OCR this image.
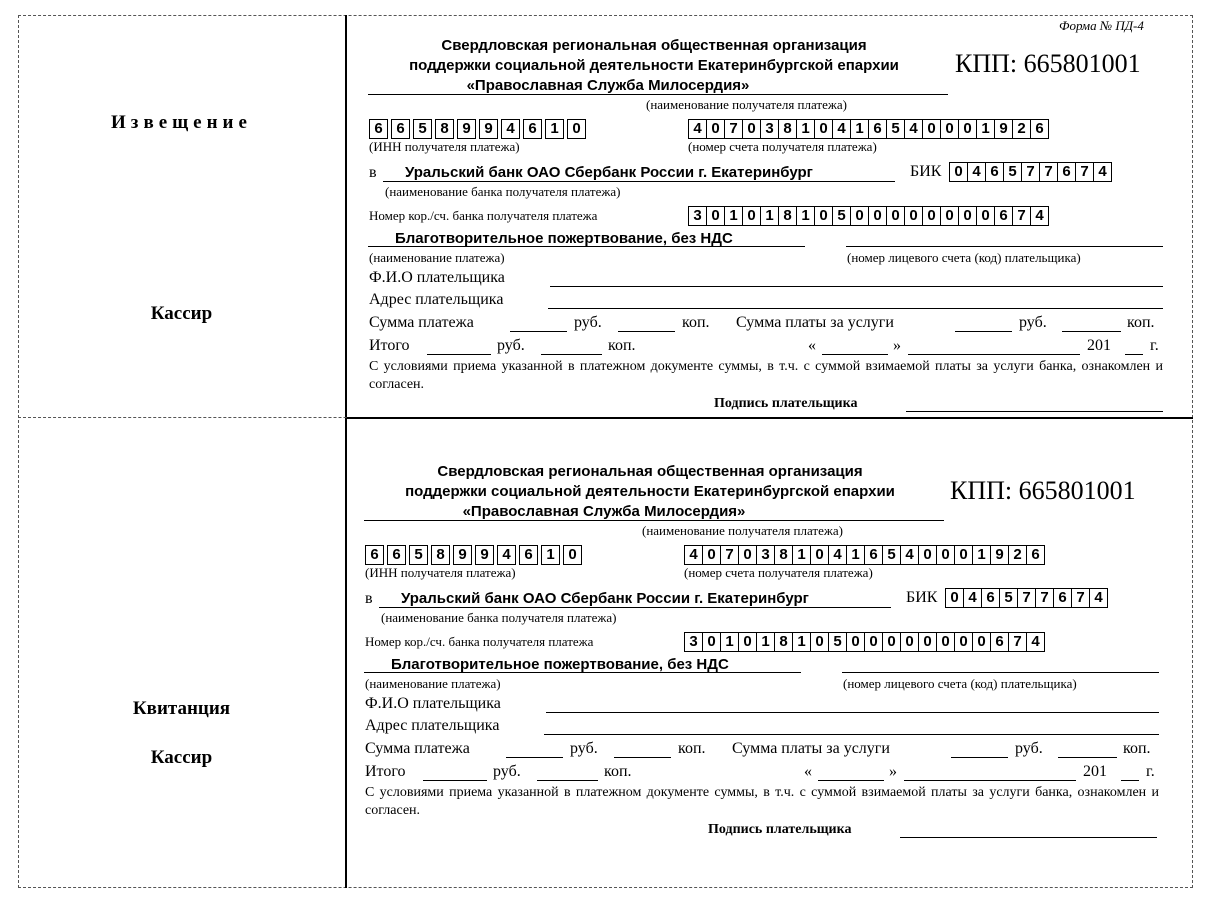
Извещение
Кассир
Квитанция
Кассир
Форма № ПД-4
Свердловская региональная общественная организация
поддержки социальной деятельности Екатеринбургской епархии
«Православная Служба Милосердия»
КПП: 665801001
(наименование получателя платежа)
6 6 5 8 9 9 4 6 1 0
(ИНН получателя платежа)
4 0 7 0 3 8 1 0 4 1 6 5 4 0 0 0 1 9 2 6
(номер счета получателя платежа)
в Уральский банк ОАО Сбербанк России г. Екатеринбург
(наименование банка получателя платежа)
БИК 0 4 6 5 7 7 6 7 4
Номер кор./сч. банка получателя платежа	3 0 1 0 1 8 1 0 5 0 0 0 0 0 0 0 0 6 7 4
Благотворительное пожертвование, без НДС
(наименование платежа)	(номер лицевого счета (код) плательщика)
Ф.И.О плательщика
Адрес плательщика
Сумма платежа	руб.	коп. Сумма платы за услуги	руб.	коп.
Итого	руб.	коп.	«	»	201 г.
С условиями приема указанной в платежном документе суммы, в т.ч. с суммой взимаемой платы за услуги банка, ознакомлен и согласен.
Подпись плательщика
Свердловская региональная общественная организация
поддержки социальной деятельности Екатеринбургской епархии
«Православная Служба Милосердия»
КПП: 665801001
(наименование получателя платежа)
6 6 5 8 9 9 4 6 1 0
(ИНН получателя платежа)
4 0 7 0 3 8 1 0 4 1 6 5 4 0 0 0 1 9 2 6
(номер счета получателя платежа)
в Уральский банк ОАО Сбербанк России г. Екатеринбург
(наименование банка получателя платежа)
БИК 0 4 6 5 7 7 6 7 4
Номер кор./сч. банка получателя платежа	3 0 1 0 1 8 1 0 5 0 0 0 0 0 0 0 0 6 7 4
Благотворительное пожертвование, без НДС
(наименование платежа)	(номер лицевого счета (код) плательщика)
Ф.И.О плательщика
Адрес плательщика
Сумма платежа	руб.	коп. Сумма платы за услуги	руб.	коп.
Итого	руб.	коп.	«	»	201 г.
С условиями приема указанной в платежном документе суммы, в т.ч. с суммой взимаемой платы за услуги банка, ознакомлен и согласен.
Подпись плательщика
